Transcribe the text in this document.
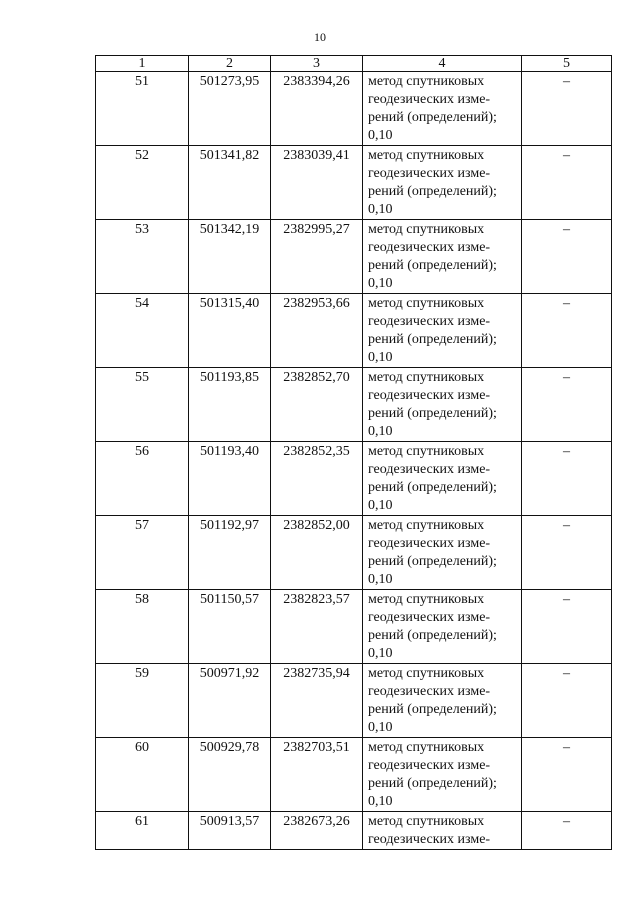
10
1	2	3	4	5
51	501273,95	2383394,26	метод спутниковых
геодезических изме-
рений (определений);
0,10	–
52	501341,82	2383039,41	метод спутниковых
геодезических изме-
рений (определений);
0,10	–
53	501342,19	2382995,27	метод спутниковых
геодезических изме-
рений (определений);
0,10	–
54	501315,40	2382953,66	метод спутниковых
геодезических изме-
рений (определений);
0,10	–
55	501193,85	2382852,70	метод спутниковых
геодезических изме-
рений (определений);
0,10	–
56	501193,40	2382852,35	метод спутниковых
геодезических изме-
рений (определений);
0,10	–
57	501192,97	2382852,00	метод спутниковых
геодезических изме-
рений (определений);
0,10	–
58	501150,57	2382823,57	метод спутниковых
геодезических изме-
рений (определений);
0,10	–
59	500971,92	2382735,94	метод спутниковых
геодезических изме-
рений (определений);
0,10	–
60	500929,78	2382703,51	метод спутниковых
геодезических изме-
рений (определений);
0,10	–
61	500913,57	2382673,26	метод спутниковых
геодезических изме-	–
